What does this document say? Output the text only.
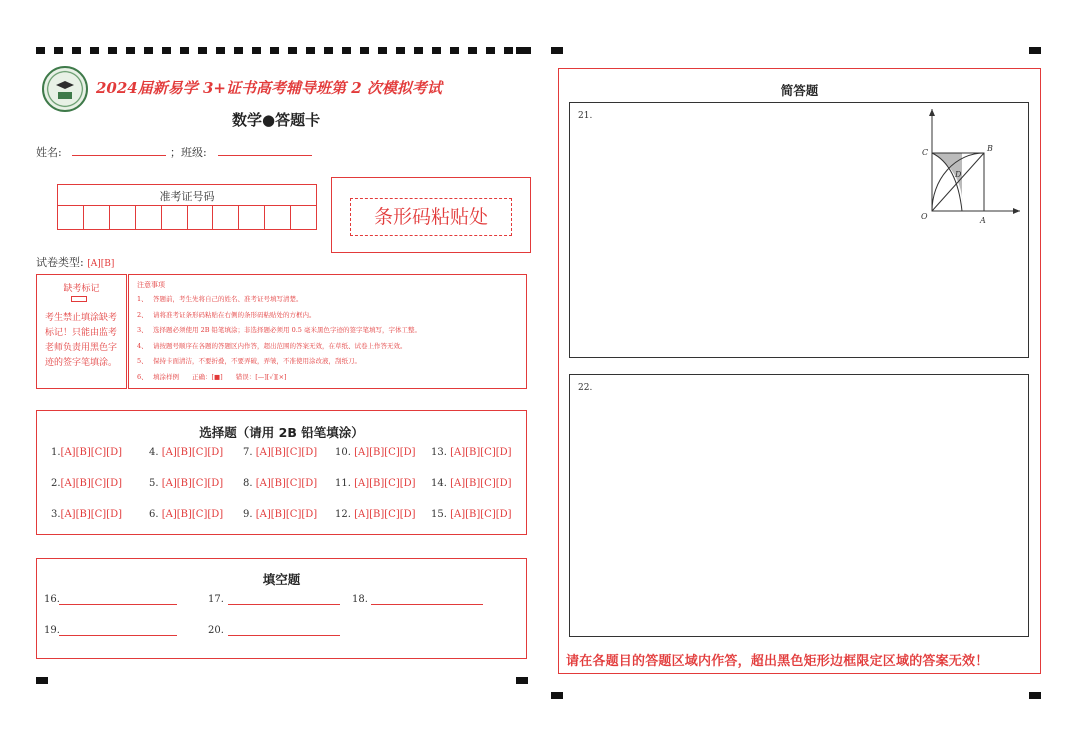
2024届新易学 3+证书高考辅导班第 2 次模拟考试
数学●答题卡
姓名:	；班级:
准考证号码
条形码粘贴处
试卷类型: [A][B]
缺考标记
考生禁止填涂缺考标记！只能由监考老师负责用黑色字迹的签字笔填涂。
注意事项
1、 答题前，考生先将自己的姓名、准考证号填写清楚。
2、 请将准考证条形码粘贴在右侧的条形码粘贴处的方框内。
3、 选择题必须使用 2B 铅笔填涂；非选择题必须用 0.5 毫米黑色字迹的签字笔填写，字体工整。
4、 请按题号顺序在各题的答题区内作答，超出范围的答案无效，在草纸、试卷上作答无效。
5、 保持卡面清洁，不要折叠，不要弄破，弄皱，不准使用涂改液，刮纸刀。
6、 填涂样例　　正确：[■]　　错误：[—][✓][×]
选择题（请用 2B 铅笔填涂）
1.[A][B][C][D]	4. [A][B][C][D]	7. [A][B][C][D]	10. [A][B][C][D]	13. [A][B][C][D]
2.[A][B][C][D]	5. [A][B][C][D]	8. [A][B][C][D]	11. [A][B][C][D]	14. [A][B][C][D]
3.[A][B][C][D]	6. [A][B][C][D]	9. [A][B][C][D]	12. [A][B][C][D]	15. [A][B][C][D]
填空题
16.	17.	18.
19.	20.
简答题
21.
C	B
D
O	A
22.
请在各题目的答题区域内作答，超出黑色矩形边框限定区域的答案无效！
